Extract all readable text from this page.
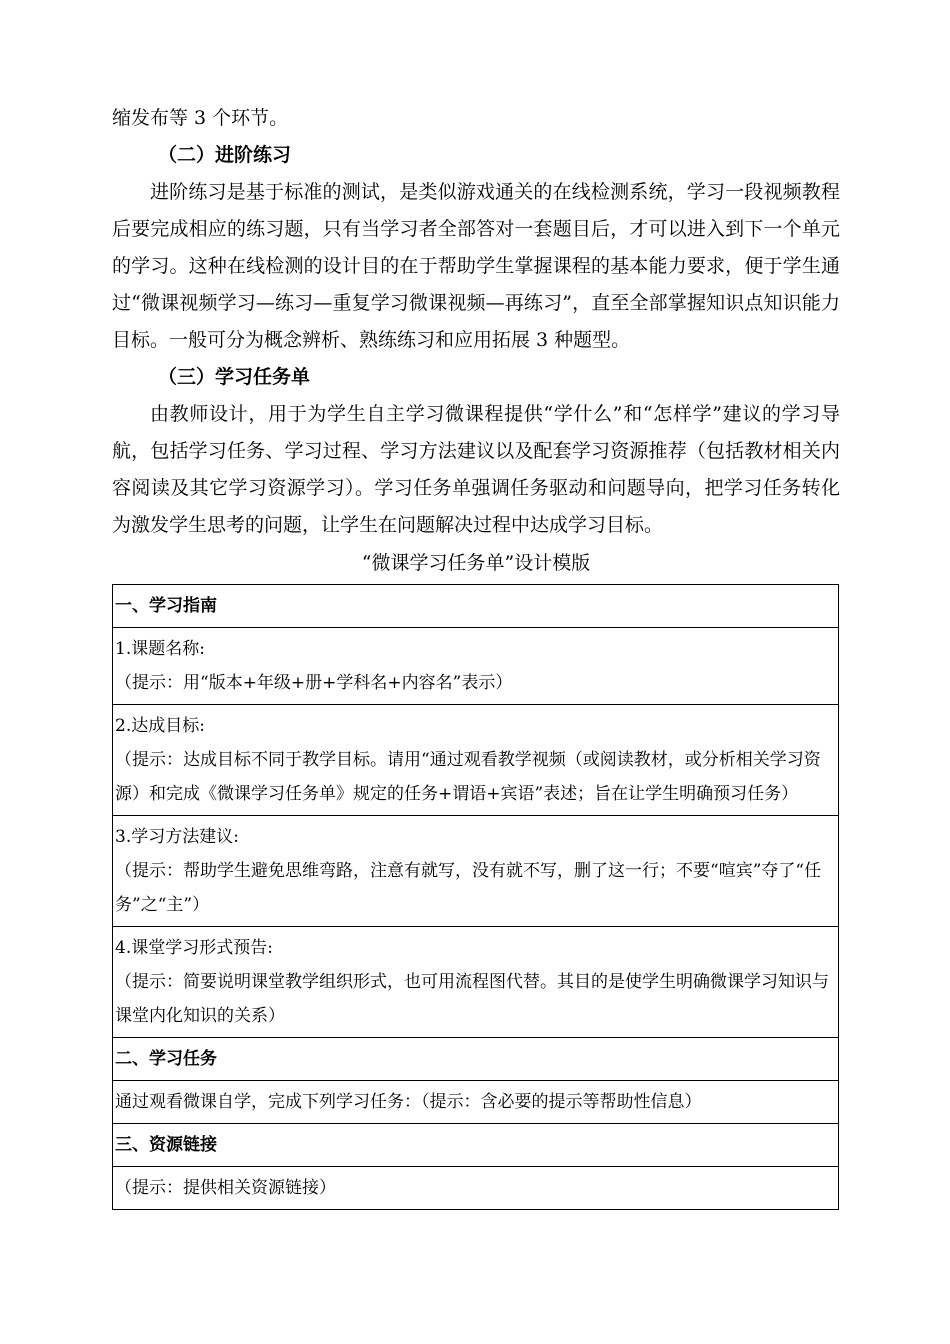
缩发布等 3 个环节。

（二）进阶练习

进阶练习是基于标准的测试，是类似游戏通关的在线检测系统，学习一段视频教程后要完成相应的练习题，只有当学习者全部答对一套题目后，才可以进入到下一个单元的学习。这种在线检测的设计目的在于帮助学生掌握课程的基本能力要求，便于学生通过“微课视频学习—练习—重复学习微课视频—再练习”，直至全部掌握知识点知识能力目标。一般可分为概念辨析、熟练练习和应用拓展 3 种题型。

（三）学习任务单

由教师设计，用于为学生自主学习微课程提供“学什么”和“怎样学”建议的学习导航，包括学习任务、学习过程、学习方法建议以及配套学习资源推荐（包括教材相关内容阅读及其它学习资源学习）。学习任务单强调任务驱动和问题导向，把学习任务转化为激发学生思考的问题，让学生在问题解决过程中达成学习目标。

“微课学习任务单”设计模版

一、学习指南

1.课题名称:
（提示：用“版本+年级+册+学科名+内容名”表示）

2.达成目标:
（提示：达成目标不同于教学目标。请用“通过观看教学视频（或阅读教材，或分析相关学习资源）和完成《微课学习任务单》规定的任务+谓语+宾语”表述；旨在让学生明确预习任务）

3.学习方法建议:
（提示：帮助学生避免思维弯路，注意有就写，没有就不写，删了这一行；不要“喧宾”夺了“任务”之“主”）

4.课堂学习形式预告:
（提示：简要说明课堂教学组织形式，也可用流程图代替。其目的是使学生明确微课学习知识与课堂内化知识的关系）

二、学习任务
通过观看微课自学，完成下列学习任务：（提示：含必要的提示等帮助性信息）
三、资源链接
（提示：提供相关资源链接）
